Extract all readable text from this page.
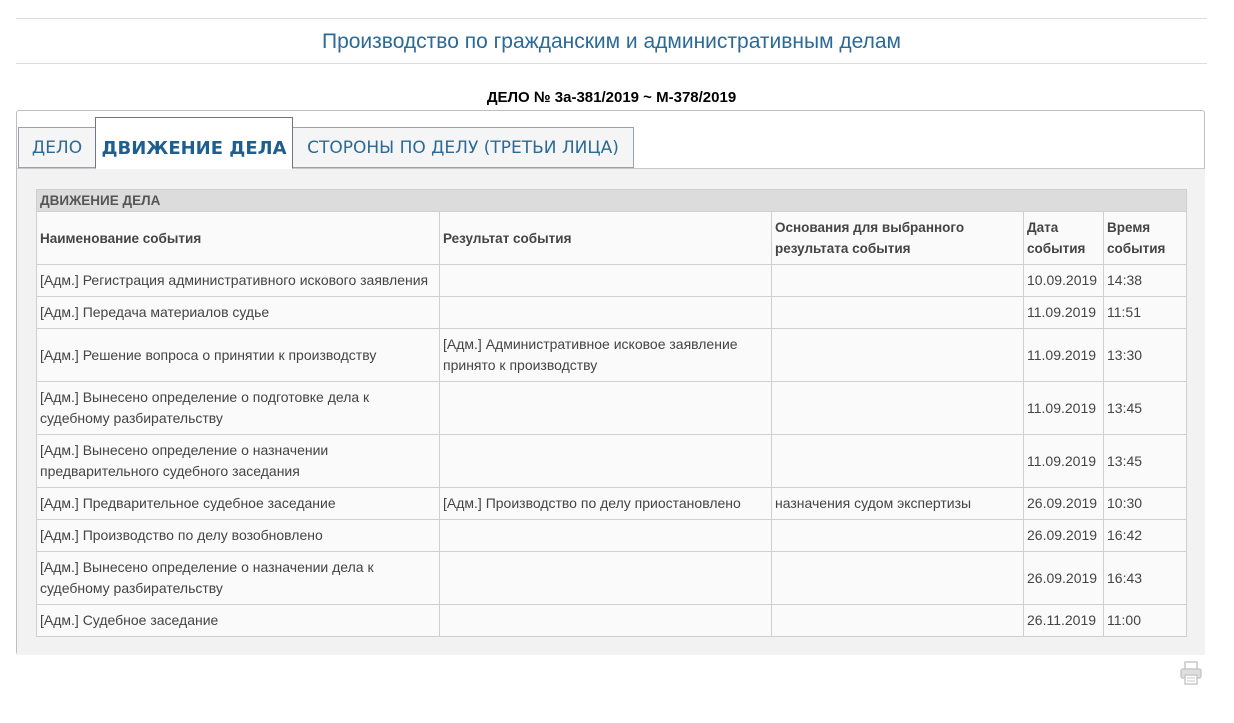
Производство по гражданским и административным делам
ДЕЛО № 3а-381/2019 ~ М-378/2019
ДЕЛО	ДВИЖЕНИЕ ДЕЛА	СТОРОНЫ ПО ДЕЛУ (ТРЕТЬИ ЛИЦА)
ДВИЖЕНИЕ ДЕЛА				
Наименование события	Результат события	Основания для выбранного результата события	Дата события	Время события
[Адм.] Регистрация административного искового заявления			10.09.2019	14:38
[Адм.] Передача материалов судье			11.09.2019	11:51
[Адм.] Решение вопроса о принятии к производству	[Адм.] Административное исковое заявление принято к производству		11.09.2019	13:30
[Адм.] Вынесено определение о подготовке дела к судебному разбирательству			11.09.2019	13:45
[Адм.] Вынесено определение о назначении предварительного судебного заседания			11.09.2019	13:45
[Адм.] Предварительное судебное заседание	[Адм.] Производство по делу приостановлено	назначения судом экспертизы	26.09.2019	10:30
[Адм.] Производство по делу возобновлено			26.09.2019	16:42
[Адм.] Вынесено определение о назначении дела к судебному разбирательству			26.09.2019	16:43
[Адм.] Судебное заседание			26.11.2019	11:00
